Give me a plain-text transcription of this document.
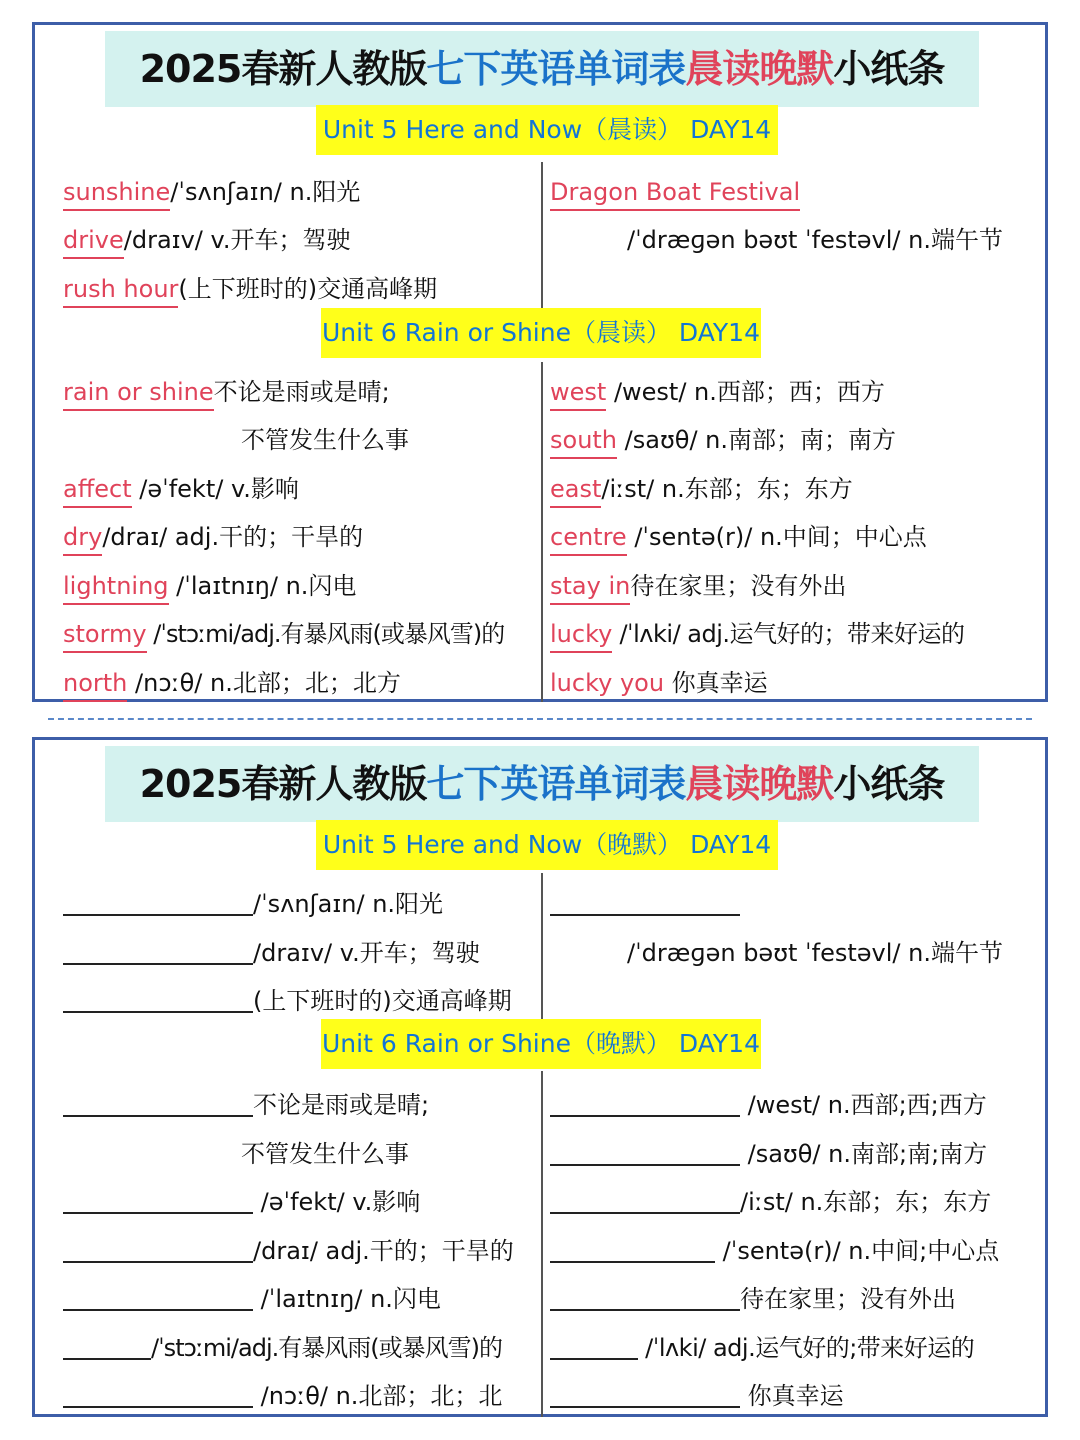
2025春新人教版七下英语单词表晨读晚默小纸条
Unit 5 Here and Now（晨读） DAY14
sunshine/ˈsʌnʃaɪn/ n.阳光
drive/draɪv/ v.开车；驾驶
rush hour(上下班时的)交通高峰期
Dragon Boat Festival
/ˈdræɡən bəʊt ˈfestəvl/ n.端午节
Unit 6 Rain or Shine（晨读） DAY14
rain or shine不论是雨或是晴;
不管发生什么事
affect /əˈfekt/ v.影响
dry/draɪ/ adj.干的；干旱的
lightning /ˈlaɪtnɪŋ/ n.闪电
stormy /ˈstɔːmi/adj.有暴风雨(或暴风雪)的
north /nɔːθ/ n.北部；北；北方
west /west/ n.西部；西；西方
south /saʊθ/ n.南部；南；南方
east/iːst/ n.东部；东；东方
centre /ˈsentə(r)/ n.中间；中心点
stay in待在家里；没有外出
lucky /ˈlʌki/ adj.运气好的；带来好运的
lucky you 你真幸运
2025春新人教版七下英语单词表晨读晚默小纸条
Unit 5 Here and Now（晚默） DAY14
/ˈsʌnʃaɪn/ n.阳光
/draɪv/ v.开车；驾驶
(上下班时的)交通高峰期
/ˈdræɡən bəʊt ˈfestəvl/ n.端午节
Unit 6 Rain or Shine（晚默） DAY14
不论是雨或是晴;
不管发生什么事
/əˈfekt/ v.影响
/draɪ/ adj.干的；干旱的
/ˈlaɪtnɪŋ/ n.闪电
/ˈstɔːmi/adj.有暴风雨(或暴风雪)的
/nɔːθ/ n.北部；北；北
/west/ n.西部;西;西方
/saʊθ/ n.南部;南;南方
/iːst/ n.东部；东；东方
/ˈsentə(r)/ n.中间;中心点
待在家里；没有外出
/ˈlʌki/ adj.运气好的;带来好运的
你真幸运
